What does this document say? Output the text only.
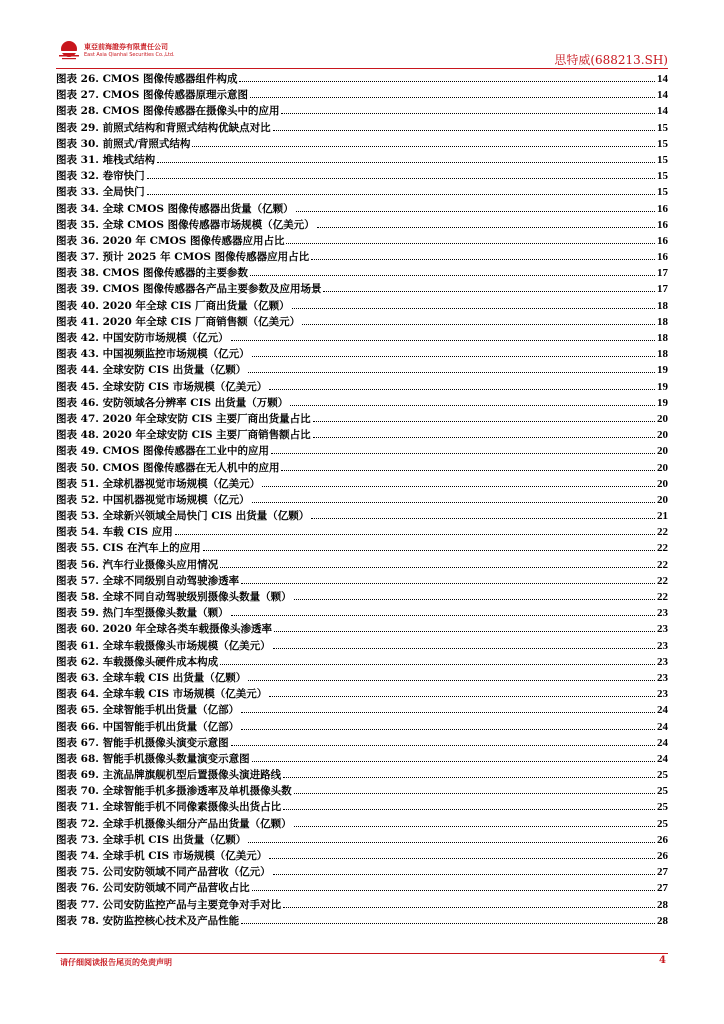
東亞前海證券有限責任公司
East Asia Qianhai Securities Co.,Ltd.	思特威(688213.SH)
图表 26. CMOS 图像传感器组件构成	14
图表 27. CMOS 图像传感器原理示意图	14
图表 28. CMOS 图像传感器在摄像头中的应用	14
图表 29. 前照式结构和背照式结构优缺点对比	15
图表 30. 前照式/背照式结构	15
图表 31. 堆栈式结构	15
图表 32. 卷帘快门	15
图表 33. 全局快门	15
图表 34. 全球 CMOS 图像传感器出货量（亿颗）	16
图表 35. 全球 CMOS 图像传感器市场规模（亿美元）	16
图表 36. 2020 年 CMOS 图像传感器应用占比	16
图表 37. 预计 2025 年 CMOS 图像传感器应用占比	16
图表 38. CMOS 图像传感器的主要参数	17
图表 39. CMOS 图像传感器各产品主要参数及应用场景	17
图表 40. 2020 年全球 CIS 厂商出货量（亿颗）	18
图表 41. 2020 年全球 CIS 厂商销售额（亿美元）	18
图表 42. 中国安防市场规模（亿元）	18
图表 43. 中国视频监控市场规模（亿元）	18
图表 44. 全球安防 CIS 出货量（亿颗）	19
图表 45. 全球安防 CIS 市场规模（亿美元）	19
图表 46. 安防领域各分辨率 CIS 出货量（万颗）	19
图表 47. 2020 年全球安防 CIS 主要厂商出货量占比	20
图表 48. 2020 年全球安防 CIS 主要厂商销售额占比	20
图表 49. CMOS 图像传感器在工业中的应用	20
图表 50. CMOS 图像传感器在无人机中的应用	20
图表 51. 全球机器视觉市场规模（亿美元）	20
图表 52. 中国机器视觉市场规模（亿元）	20
图表 53. 全球新兴领域全局快门 CIS 出货量（亿颗）	21
图表 54. 车载 CIS 应用	22
图表 55. CIS 在汽车上的应用	22
图表 56. 汽车行业摄像头应用情况	22
图表 57. 全球不同级别自动驾驶渗透率	22
图表 58. 全球不同自动驾驶级别摄像头数量（颗）	22
图表 59. 热门车型摄像头数量（颗）	23
图表 60. 2020 年全球各类车载摄像头渗透率	23
图表 61. 全球车载摄像头市场规模（亿美元）	23
图表 62. 车载摄像头硬件成本构成	23
图表 63. 全球车载 CIS 出货量（亿颗）	23
图表 64. 全球车载 CIS 市场规模（亿美元）	23
图表 65. 全球智能手机出货量（亿部）	24
图表 66. 中国智能手机出货量（亿部）	24
图表 67. 智能手机摄像头演变示意图	24
图表 68. 智能手机摄像头数量演变示意图	24
图表 69. 主流品牌旗舰机型后置摄像头演进路线	25
图表 70. 全球智能手机多摄渗透率及单机摄像头数	25
图表 71. 全球智能手机不同像素摄像头出货占比	25
图表 72. 全球手机摄像头细分产品出货量（亿颗）	25
图表 73. 全球手机 CIS 出货量（亿颗）	26
图表 74. 全球手机 CIS 市场规模（亿美元）	26
图表 75. 公司安防领域不同产品营收（亿元）	27
图表 76. 公司安防领域不同产品营收占比	27
图表 77. 公司安防监控产品与主要竞争对手对比	28
图表 78. 安防监控核心技术及产品性能	28
请仔细阅读报告尾页的免责声明	4
